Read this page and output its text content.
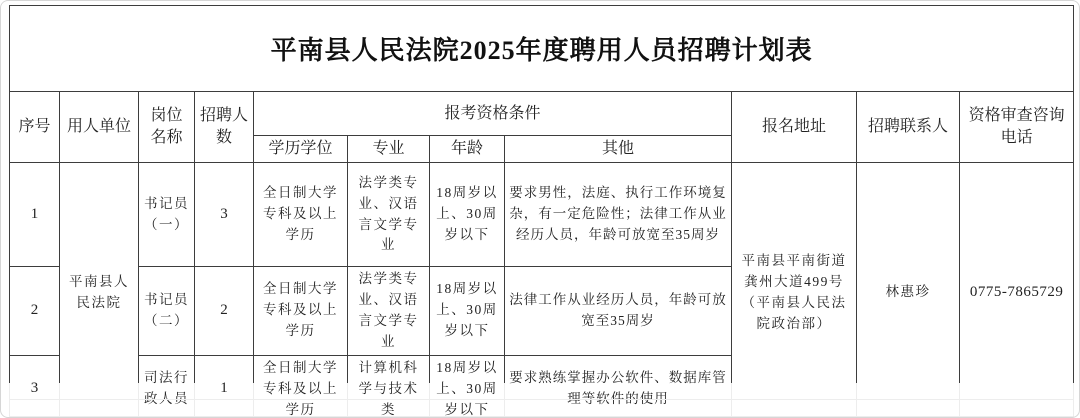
平南县人民法院2025年度聘用人员招聘计划表										
序号	用人单位	岗位名称	招聘人数	报考资格条件				报名地址	招聘联系人	资格审查咨询电话
				学历学位	专业	年龄	其他			
1	平南县人民法院	书记员（一）	3	全日制大学专科及以上学历	法学类专业、汉语言文学专业	18周岁以上、30周岁以下	要求男性，法庭、执行工作环境复杂，有一定危险性；法律工作从业经历人员，年龄可放宽至35周岁	平南县平南街道龚州大道499号（平南县人民法院政治部）	林惠珍	0775-7865729
2		书记员（二）	2	全日制大学专科及以上学历	法学类专业、汉语言文学专业	18周岁以上、30周岁以下	法律工作从业经历人员，年龄可放宽至35周岁			
3		司法行政人员	1	全日制大学专科及以上学历	计算机科学与技术类	18周岁以上、30周岁以下	要求熟练掌握办公软件、数据库管理等软件的使用			
